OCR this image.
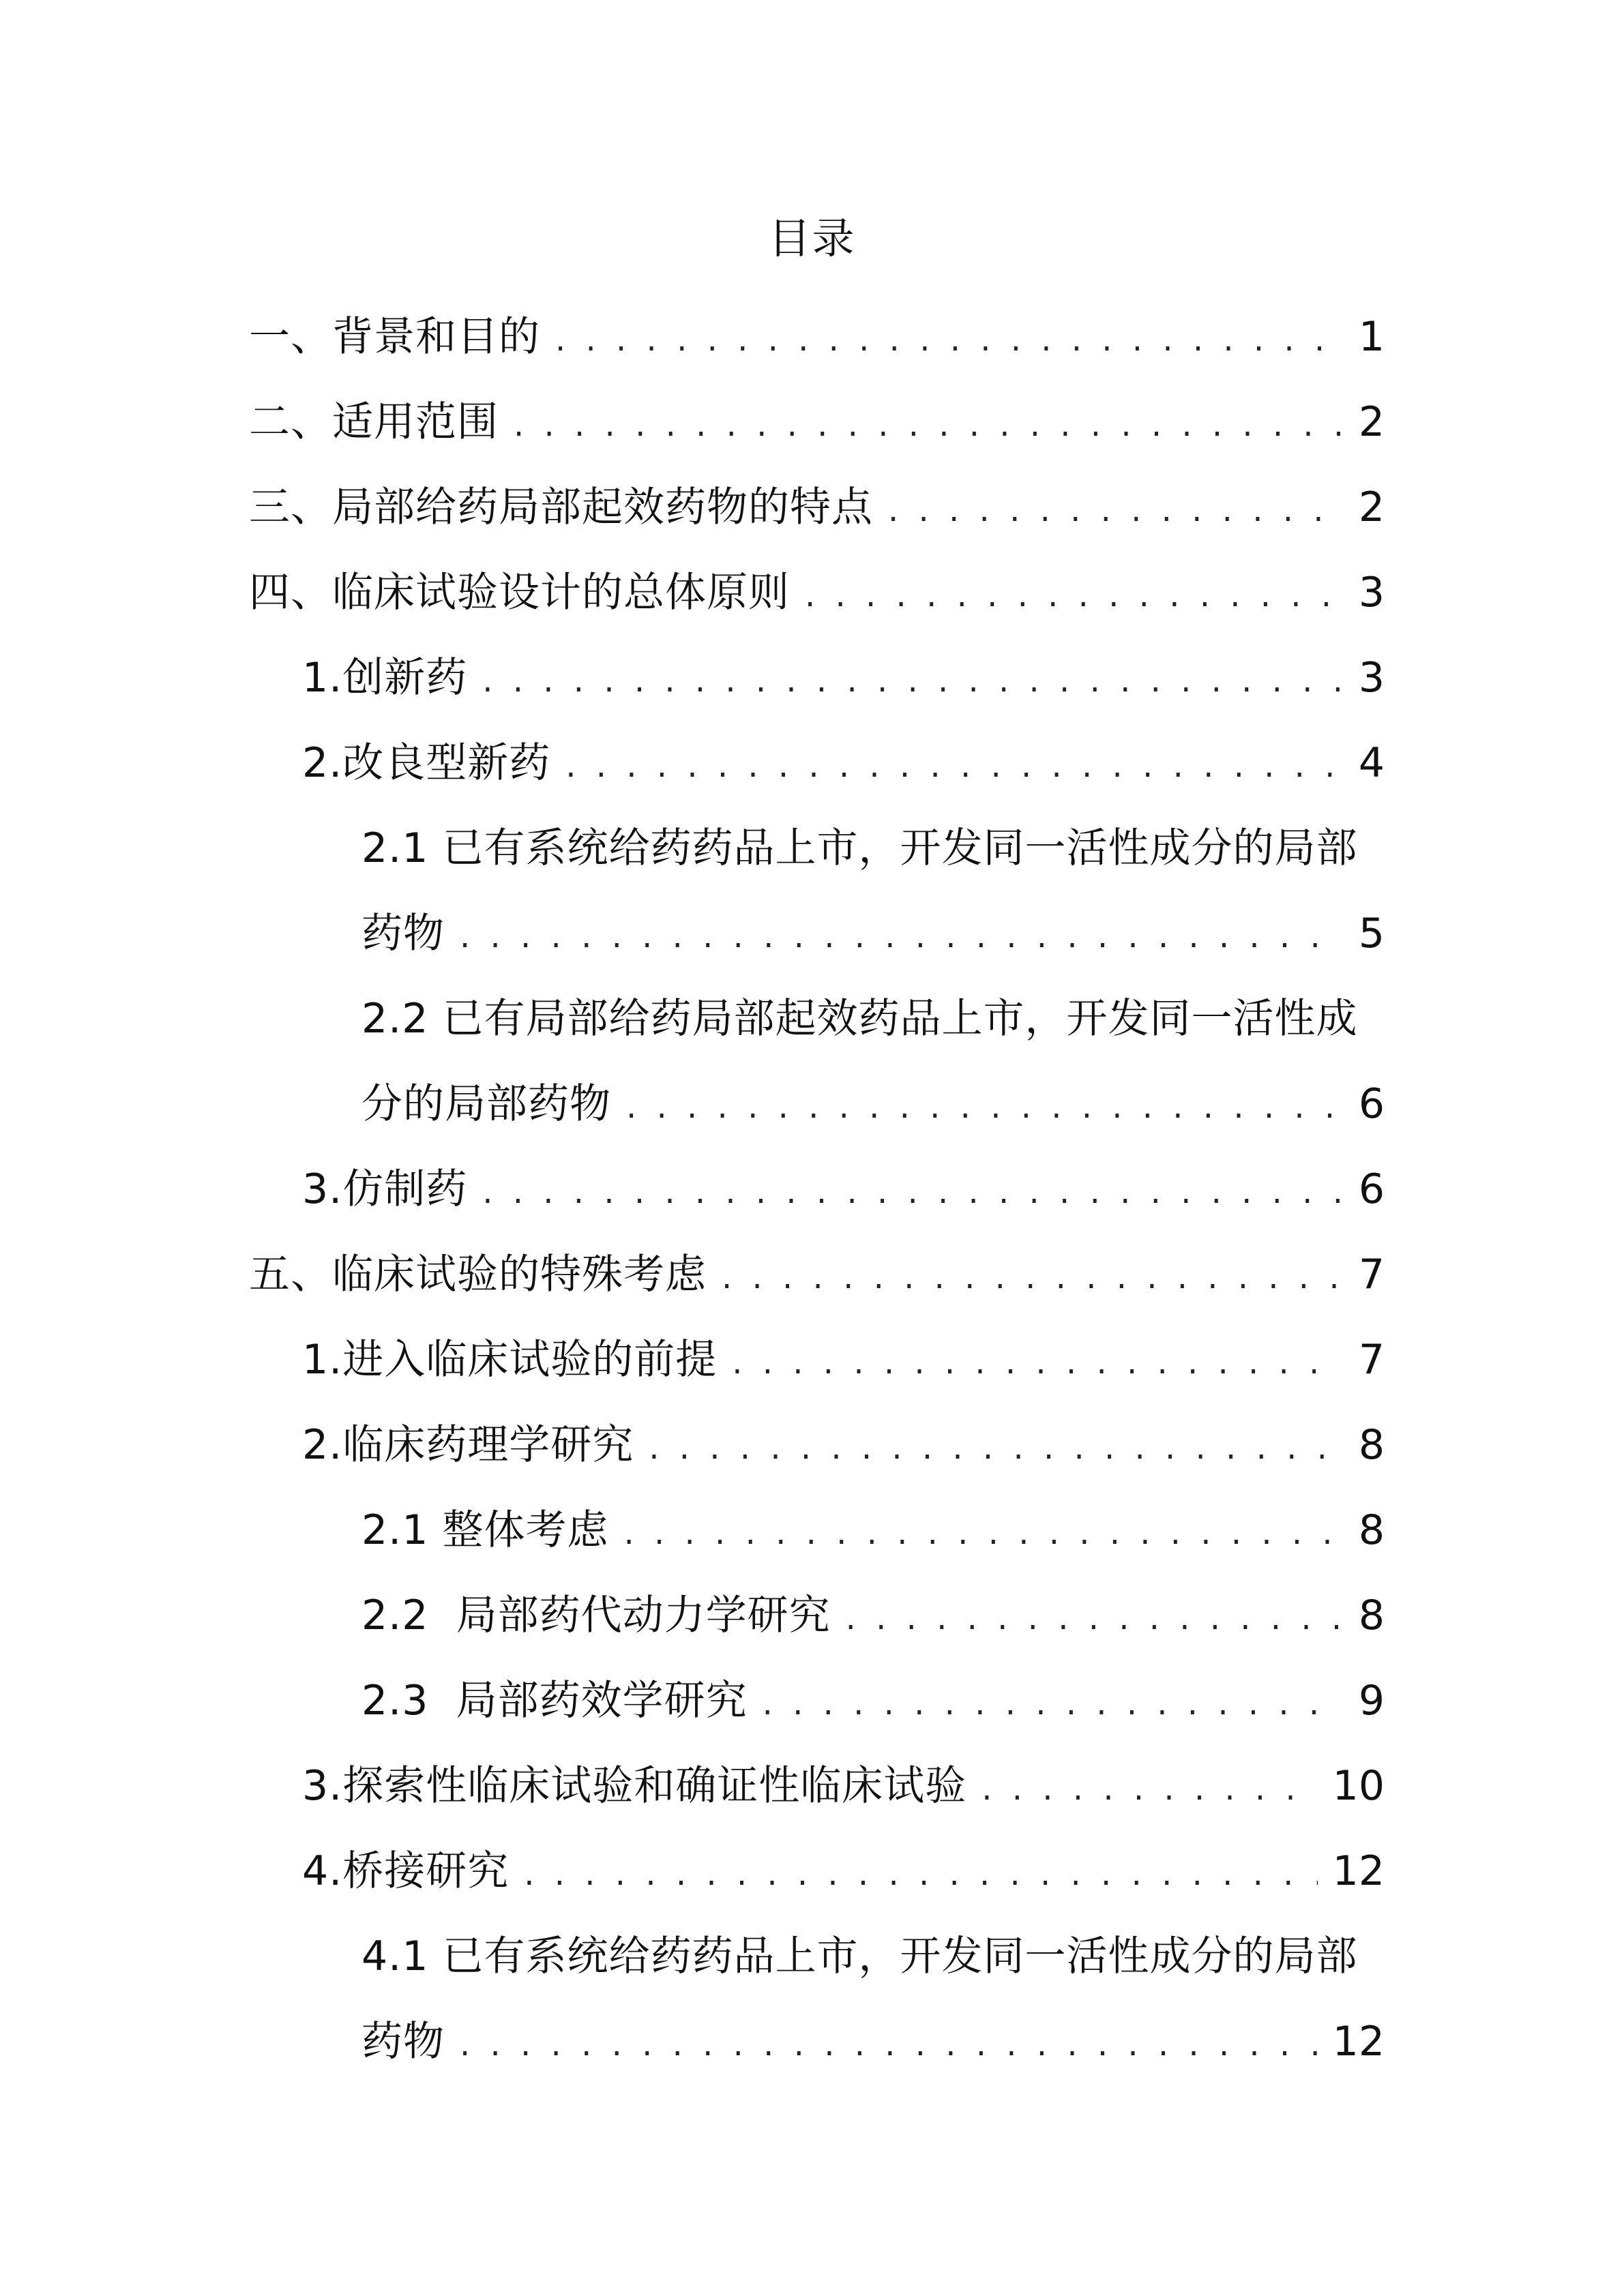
目录
一、背景和目的 . . .	1
二、适用范围 . . .	2
三、局部给药局部起效药物的特点 . . .	2
四、临床试验设计的总体原则 . . .	3
1.创新药 . . .	3
2.改良型新药 . . .	4
2.1 已有系统给药药品上市，开发同一活性成分的局部
药物 . . .	5
2.2 已有局部给药局部起效药品上市，开发同一活性成
分的局部药物 . . .	6
3.仿制药 . . .	6
五、临床试验的特殊考虑 . . .	7
1.进入临床试验的前提 . . .	7
2.临床药理学研究 . . .	8
2.1 整体考虑 . . .	8
2.2  局部药代动力学研究 . . .	8
2.3  局部药效学研究 . . .	9
3.探索性临床试验和确证性临床试验 . . .	10
4.桥接研究 . . .	12
4.1 已有系统给药药品上市，开发同一活性成分的局部
药物 . . .	12
